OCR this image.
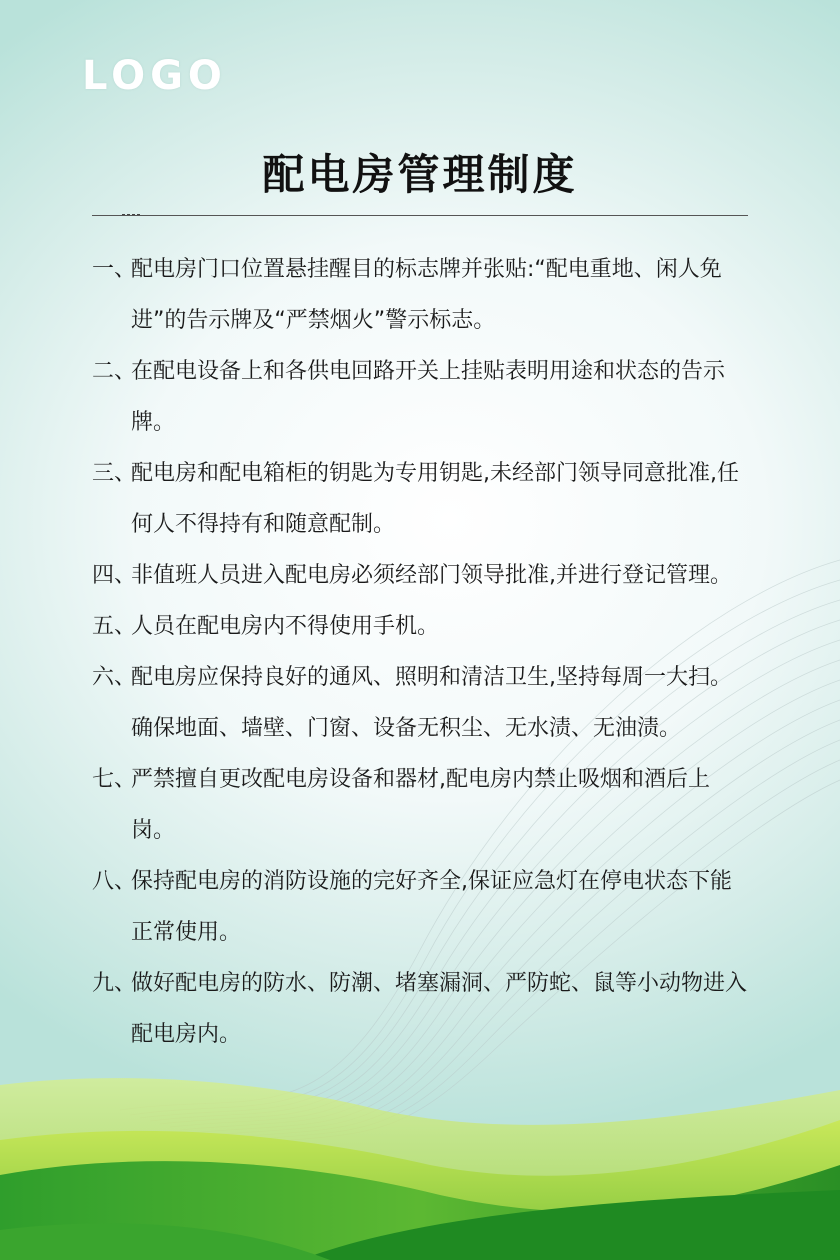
LOGO
配电房管理制度
一、
配电房门口位置悬挂醒目的标志牌并张贴:“配电重地、闲人免进”的告示牌及“严禁烟火”警示标志。
二、
在配电设备上和各供电回路开关上挂贴表明用途和状态的告示牌。
三、
配电房和配电箱柜的钥匙为专用钥匙,未经部门领导同意批准,任何人不得持有和随意配制。
四、
非值班人员进入配电房必须经部门领导批准,并进行登记管理。
五、
人员在配电房内不得使用手机。
六、
配电房应保持良好的通风、照明和清洁卫生,坚持每周一大扫。确保地面、墙壁、门窗、设备无积尘、无水渍、无油渍。
七、
严禁擅自更改配电房设备和器材,配电房内禁止吸烟和酒后上岗。
八、
保持配电房的消防设施的完好齐全,保证应急灯在停电状态下能正常使用。
九、
做好配电房的防水、防潮、堵塞漏洞、严防蛇、鼠等小动物进入配电房内。
